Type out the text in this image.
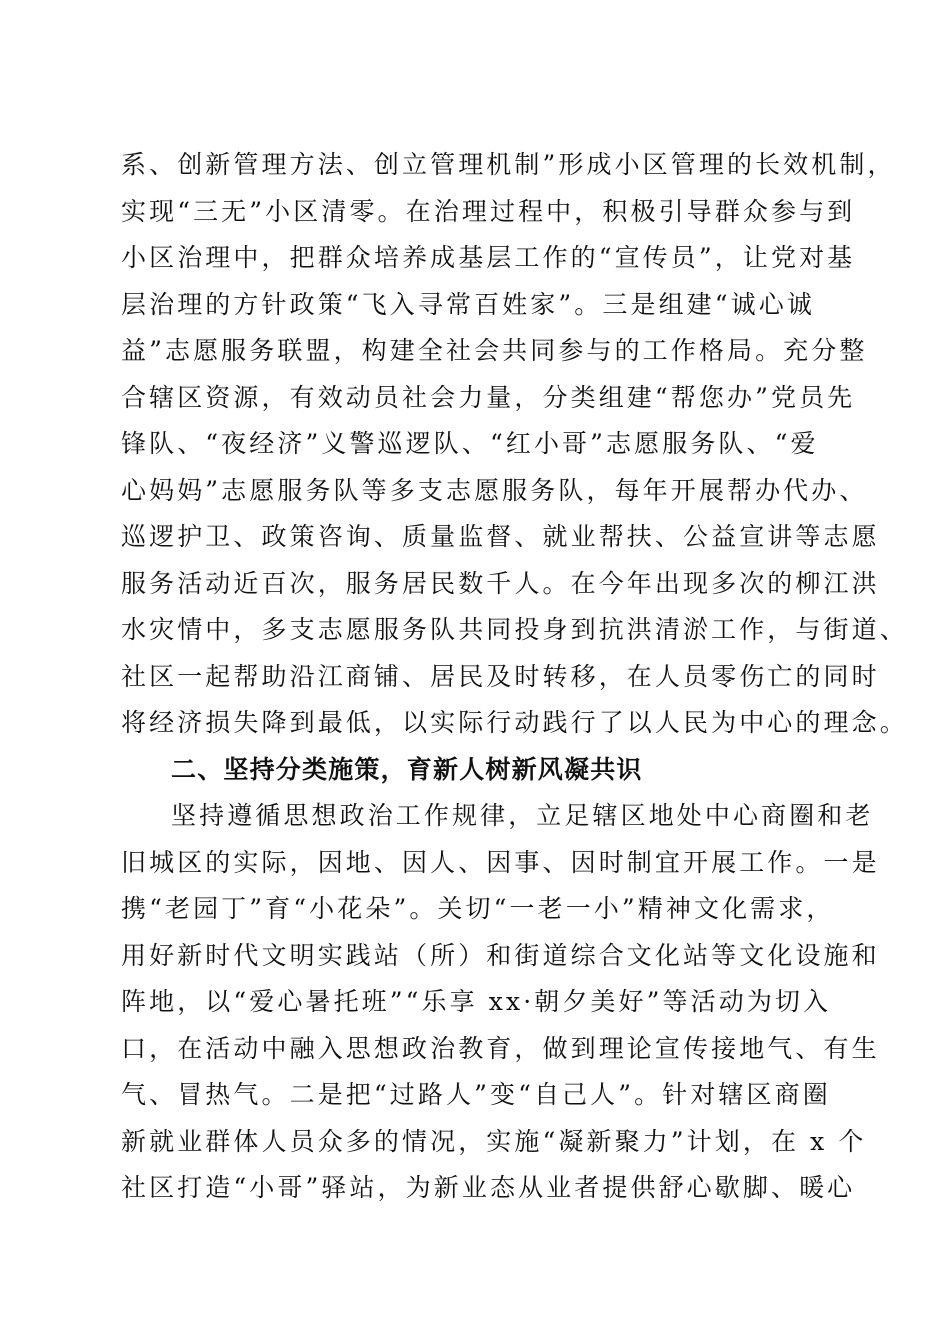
系、创新管理方法、创立管理机制”形成小区管理的长效机制，
实现“三无”小区清零。在治理过程中，积极引导群众参与到
小区治理中，把群众培养成基层工作的“宣传员”，让党对基
层治理的方针政策“飞入寻常百姓家”。三是组建“诚心诚
益”志愿服务联盟，构建全社会共同参与的工作格局。充分整
合辖区资源，有效动员社会力量，分类组建“帮您办”党员先
锋队、“夜经济”义警巡逻队、“红小哥”志愿服务队、“爱
心妈妈”志愿服务队等多支志愿服务队，每年开展帮办代办、
巡逻护卫、政策咨询、质量监督、就业帮扶、公益宣讲等志愿
服务活动近百次，服务居民数千人。在今年出现多次的柳江洪
水灾情中，多支志愿服务队共同投身到抗洪清淤工作，与街道、
社区一起帮助沿江商铺、居民及时转移，在人员零伤亡的同时
将经济损失降到最低，以实际行动践行了以人民为中心的理念。
二、坚持分类施策，育新人树新风凝共识
坚持遵循思想政治工作规律，立足辖区地处中心商圈和老
旧城区的实际，因地、因人、因事、因时制宜开展工作。一是
携“老园丁”育“小花朵”。关切“一老一小”精神文化需求，
用好新时代文明实践站（所）和街道综合文化站等文化设施和
阵地，以“爱心暑托班”“乐享 xx·朝夕美好”等活动为切入
口，在活动中融入思想政治教育，做到理论宣传接地气、有生
气、冒热气。二是把“过路人”变“自己人”。针对辖区商圈
新就业群体人员众多的情况，实施“凝新聚力”计划，在 x 个
社区打造“小哥”驿站，为新业态从业者提供舒心歇脚、暖心
